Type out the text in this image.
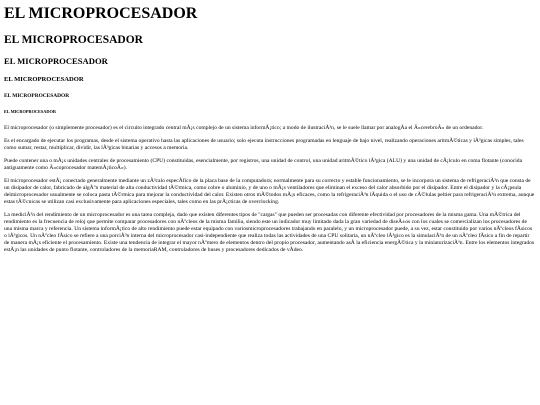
EL MICROPROCESADOR
EL MICROPROCESADOR
EL MICROPROCESADOR
EL MICROPROCESADOR
EL MICROPROCESADOR
EL MICROPROCESADOR

El microprocesador (o simplemente procesador) es el circuito integrado central mÃ¡s complejo de un sistema informÃ¡tico; a modo de ilustraciÃ³n, se le suele llamar por analogÃa el Â«cerebroÂ» de un ordenador.

Es el encargado de ejecutar los programas, desde el sistema operativo hasta las aplicaciones de usuario; solo ejecuta instrucciones programadas en lenguaje de bajo nivel, realizando operaciones aritmÃ©ticas y lÃ³gicas simples, tales como sumar, restar, multiplicar, dividir, las lÃ³gicas binarias y accesos a memoria.

Puede contener una o mÃ¡s unidades centrales de procesamiento (CPU) constituidas, esencialmente, por registros, una unidad de control, una unidad aritmÃ©tico lÃ³gica (ALU) y una unidad de cÃ¡lculo en coma flotante (conocida antiguamente como Â«coprocesador matemÃ¡ticoÂ»).

El microprocesador estÃ¡ conectado generalmente mediante un zÃ³calo especÃfico de la placa base de la computadora; normalmente para su correcto y estable funcionamiento, se le incorpora un sistema de refrigeraciÃ³n que consta de un disipador de calor, fabricado de algÃºn material de alta conductividad tÃ©rmica, como cobre o aluminio, y de uno o mÃ¡s ventiladores que eliminan el exceso del calor absorbido por el disipador. Entre el disipador y la cÃ¡psula delmicroprocesador usualmente se coloca pasta tÃ©rmica para mejorar la conductividad del calor. Existen otros mÃ©todos mÃ¡s eficaces, como la refrigeraciÃ³n lÃquida o el uso de cÃ©lulas peltier para refrigeraciÃ³n extrema, aunque estas tÃ©cnicas se utilizan casi exclusivamente para aplicaciones especiales, tales como en las prÃ¡cticas de overclocking.

La mediciÃ³n del rendimiento de un microprocesador es una tarea compleja, dado que existen diferentes tipos de "cargas" que pueden ser procesadas con diferente efectividad por procesadores de la misma gama. Una mÃ©trica del rendimiento es la frecuencia de reloj que permite comparar procesadores con nÃºcleos de la misma familia, siendo este un indicador muy limitado dada la gran variedad de diseÃ±os con los cuales se comercializan los procesadores de una misma marca y referencia. Un sistema informÃ¡tico de alto rendimiento puede estar equipado con variosmicroprocesadores trabajando en paralelo, y un microprocesador puede, a su vez, estar constituido por varios nÃºcleos fÃsicos o lÃ³gicos. Un nÃºcleo fÃsico se refiere a una porciÃ³n interna del microprocesador casi-independiente que realiza todas las actividades de una CPU solitaria, un nÃºcleo lÃ³gico es la simulaciÃ³n de un nÃºcleo fÃsico a fin de repartir de manera mÃ¡s eficiente el procesamiento. Existe una tendencia de integrar el mayor nÃºmero de elementos dentro del propio procesador, aumentando asÃ la eficiencia energÃ©tica y la miniaturizaciÃ³n. Entre los elementos integrados estÃ¡n las unidades de punto flotante, controladores de la memoriaRAM, controladores de buses y procesadores dedicados de vÃdeo.
